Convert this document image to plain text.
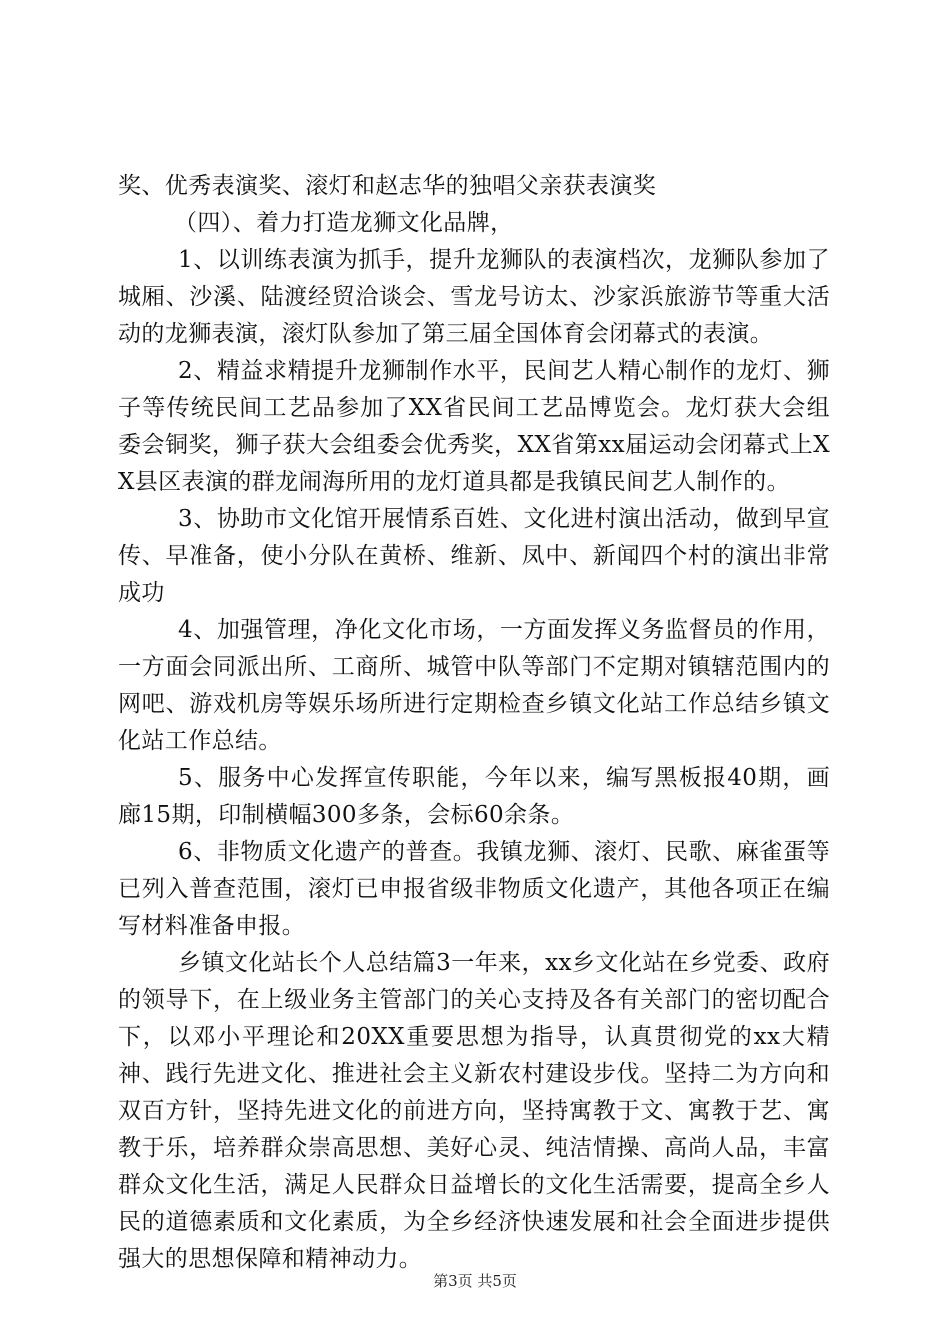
奖、优秀表演奖、滚灯和赵志华的独唱父亲获表演奖

（四）、着力打造龙狮文化品牌，

1、以训练表演为抓手，提升龙狮队的表演档次，龙狮队参加了城厢、沙溪、陆渡经贸洽谈会、雪龙号访太、沙家浜旅游节等重大活动的龙狮表演，滚灯队参加了第三届全国体育会闭幕式的表演。

2、精益求精提升龙狮制作水平，民间艺人精心制作的龙灯、狮子等传统民间工艺品参加了XX省民间工艺品博览会。龙灯获大会组委会铜奖，狮子获大会组委会优秀奖，XX省第xx届运动会闭幕式上XX县区表演的群龙闹海所用的龙灯道具都是我镇民间艺人制作的。

3、协助市文化馆开展情系百姓、文化进村演出活动，做到早宣传、早准备，使小分队在黄桥、维新、凤中、新闻四个村的演出非常成功

4、加强管理，净化文化市场，一方面发挥义务监督员的作用，一方面会同派出所、工商所、城管中队等部门不定期对镇辖范围内的网吧、游戏机房等娱乐场所进行定期检查乡镇文化站工作总结乡镇文化站工作总结。

5、服务中心发挥宣传职能，今年以来，编写黑板报40期，画廊15期，印制横幅300多条，会标60余条。

6、非物质文化遗产的普查。我镇龙狮、滚灯、民歌、麻雀蛋等已列入普查范围，滚灯已申报省级非物质文化遗产，其他各项正在编写材料准备申报。

乡镇文化站长个人总结篇3一年来，xx乡文化站在乡党委、政府的领导下，在上级业务主管部门的关心支持及各有关部门的密切配合下，以邓小平理论和20XX重要思想为指导，认真贯彻党的xx大精神、践行先进文化、推进社会主义新农村建设步伐。坚持二为方向和双百方针，坚持先进文化的前进方向，坚持寓教于文、寓教于艺、寓教于乐，培养群众崇高思想、美好心灵、纯洁情操、高尚人品，丰富群众文化生活，满足人民群众日益增长的文化生活需要，提高全乡人民的道德素质和文化素质，为全乡经济快速发展和社会全面进步提供强大的思想保障和精神动力。

第3页 共5页
